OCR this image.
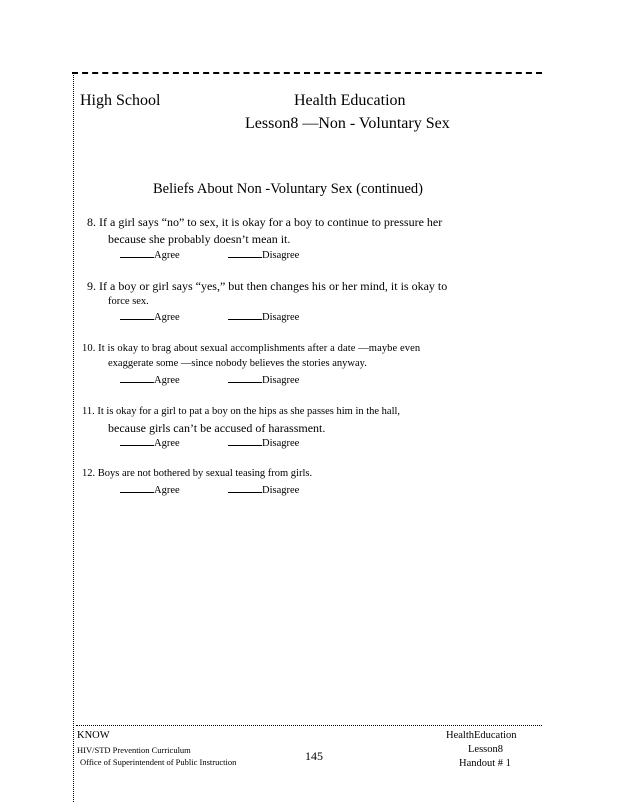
High School	Health Education
Lesson8 —Non - Voluntary Sex
Beliefs About Non -Voluntary Sex (continued)
8. If a girl says “no” to sex, it is okay for a boy to continue to pressure her
because she probably doesn’t mean it.
Agree	Disagree
9. If a boy or girl says “yes,” but then changes his or her mind, it is okay to
force sex.
Agree	Disagree
10. It is okay to brag about sexual accomplishments after a date —maybe even
exaggerate some —since nobody believes the stories anyway.
Agree	Disagree
11. It is okay for a girl to pat a boy on the hips as she passes him in the hall,
because girls can’t be accused of harassment.
Agree	Disagree
12. Boys are not bothered by sexual teasing from girls.
Agree	Disagree
KNOW
HIV/STD Prevention Curriculum
Office of Superintendent of Public Instruction	145
HealthEducation
Lesson8
Handout # 1
